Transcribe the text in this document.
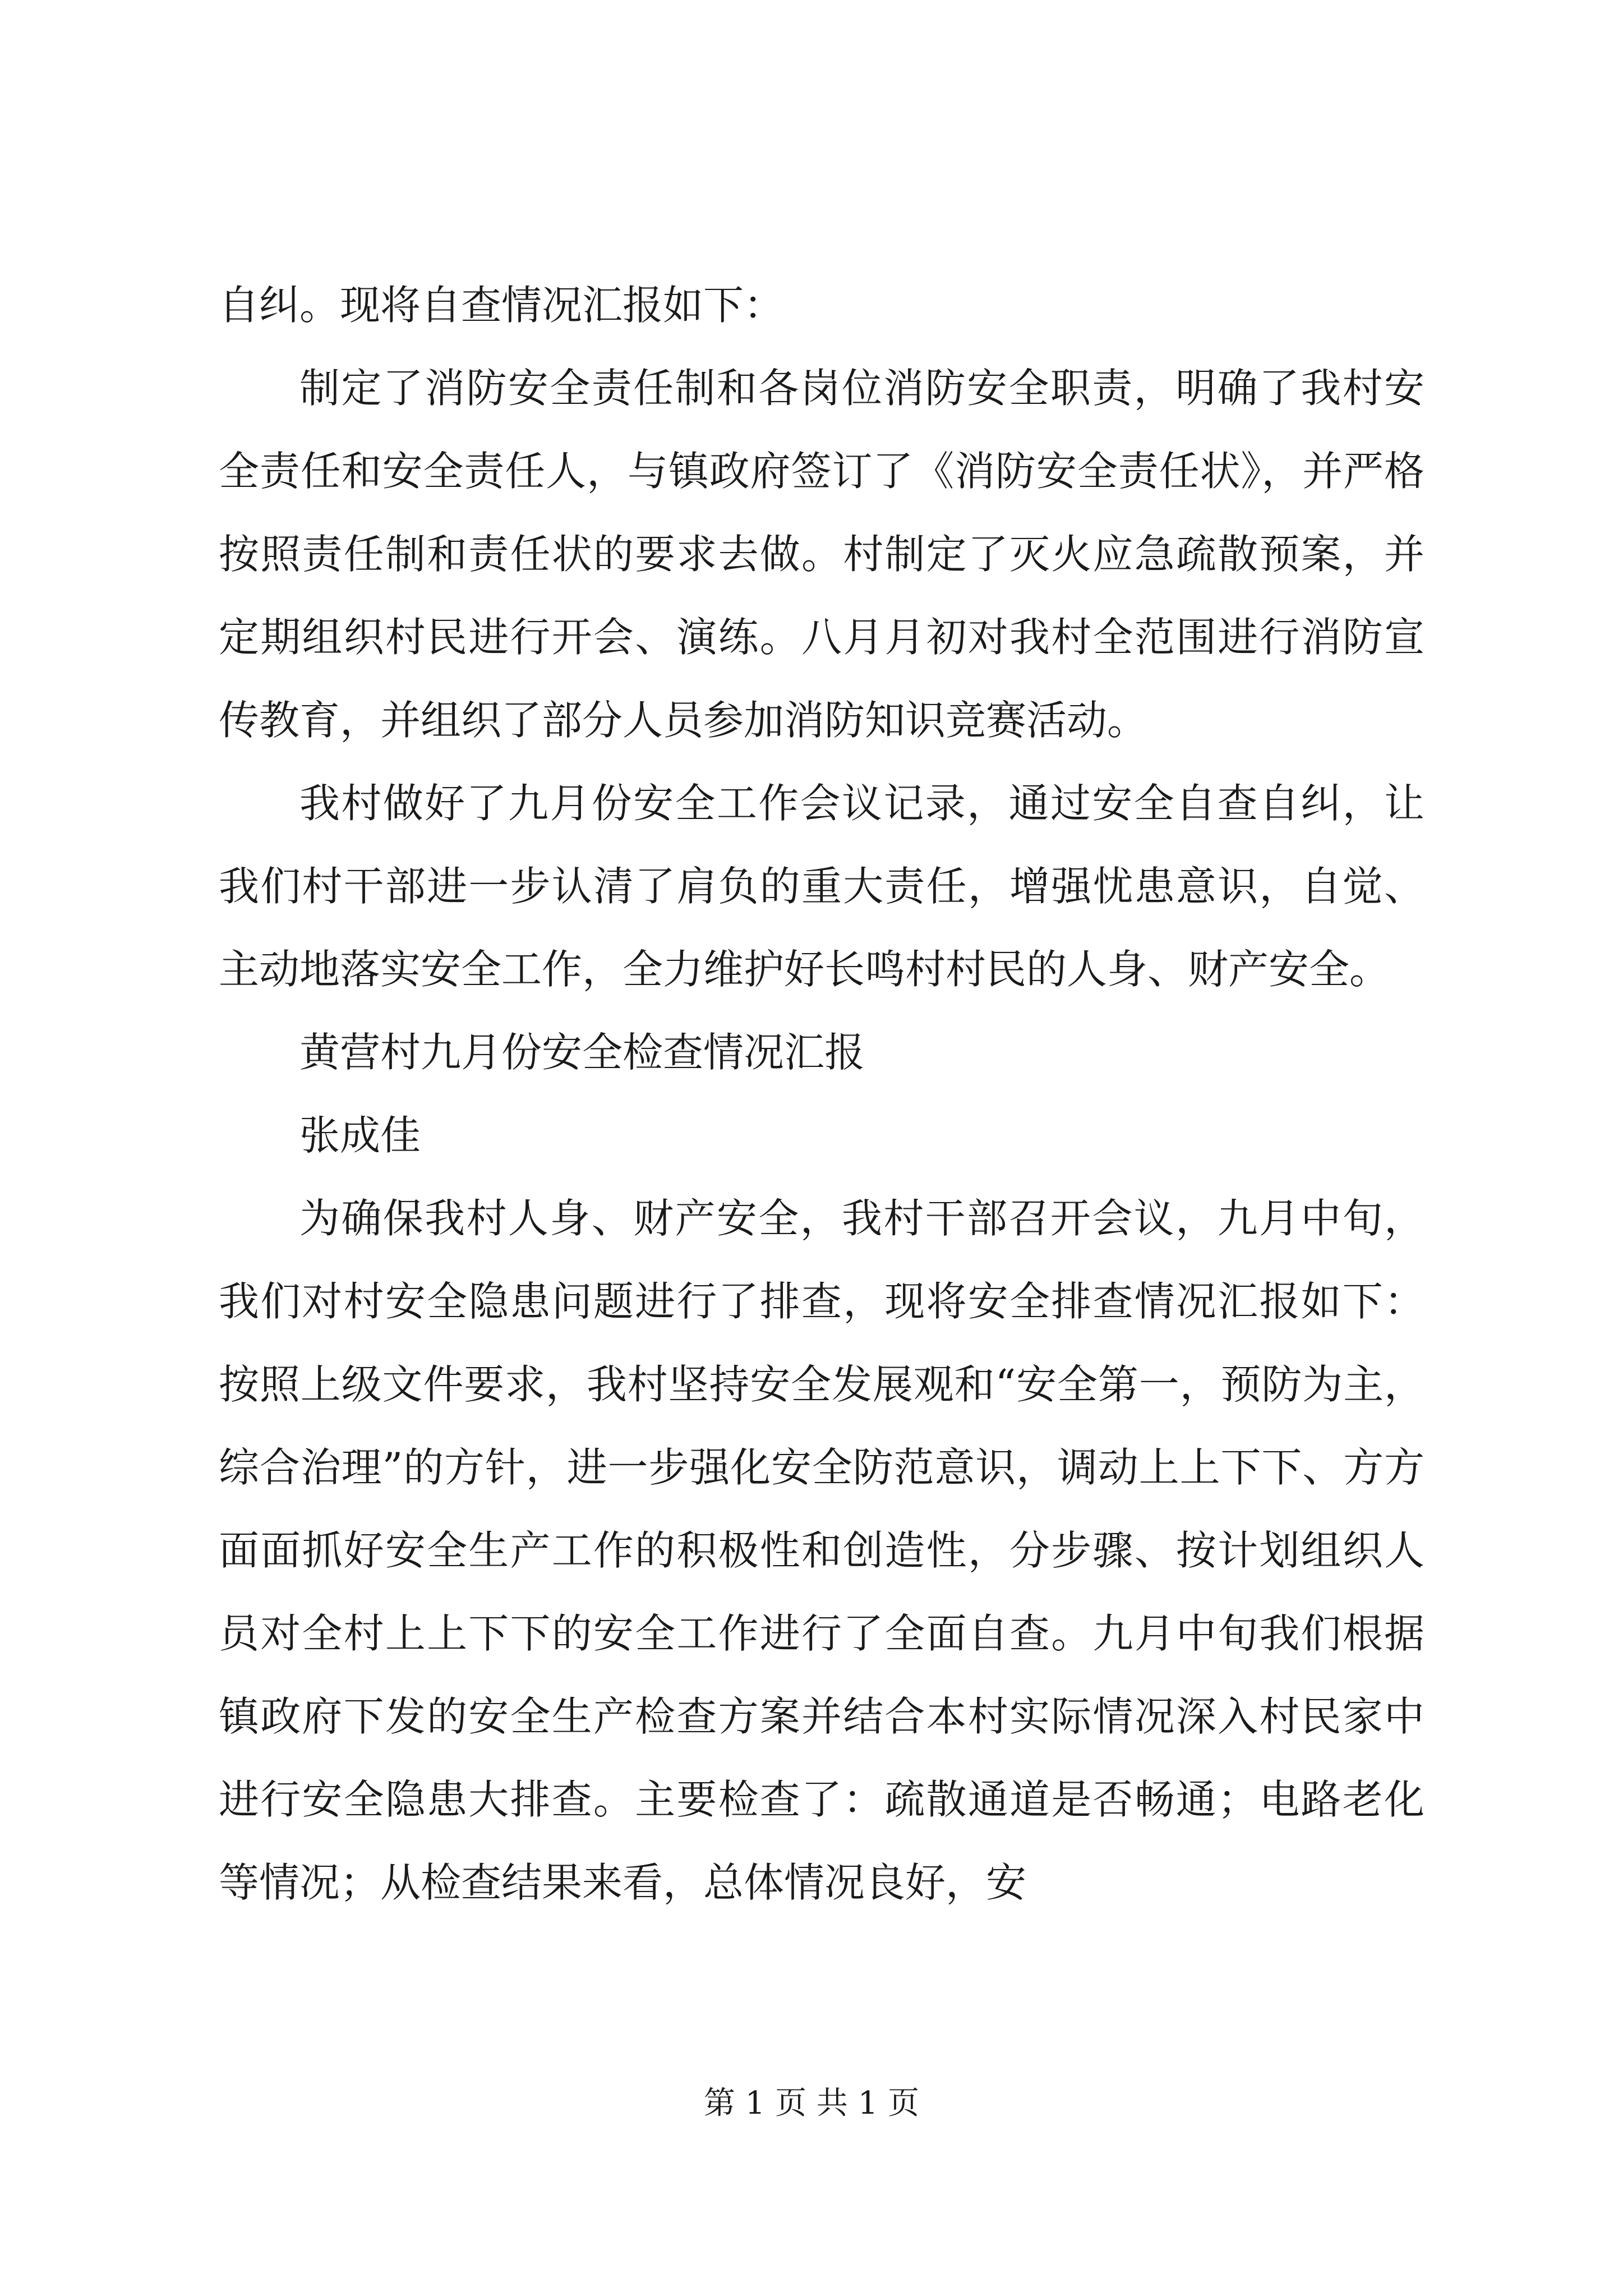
自纠。现将自查情况汇报如下：

制定了消防安全责任制和各岗位消防安全职责，明确了我村安全责任和安全责任人，与镇政府签订了《消防安全责任状》，并严格按照责任制和责任状的要求去做。村制定了灭火应急疏散预案，并定期组织村民进行开会、演练。八月月初对我村全范围进行消防宣传教育，并组织了部分人员参加消防知识竞赛活动。

我村做好了九月份安全工作会议记录，通过安全自查自纠，让我们村干部进一步认清了肩负的重大责任，增强忧患意识，自觉、主动地落实安全工作，全力维护好长鸣村村民的人身、财产安全。

黄营村九月份安全检查情况汇报

张成佳

为确保我村人身、财产安全，我村干部召开会议，九月中旬，我们对村安全隐患问题进行了排查，现将安全排查情况汇报如下：按照上级文件要求，我村坚持安全发展观和“安全第一，预防为主，综合治理”的方针，进一步强化安全防范意识，调动上上下下、方方面面抓好安全生产工作的积极性和创造性，分步骤、按计划组织人员对全村上上下下的安全工作进行了全面自查。九月中旬我们根据镇政府下发的安全生产检查方案并结合本村实际情况深入村民家中进行安全隐患大排查。主要检查了：疏散通道是否畅通；电路老化等情况；从检查结果来看，总体情况良好，安

第 1 页 共 1 页
